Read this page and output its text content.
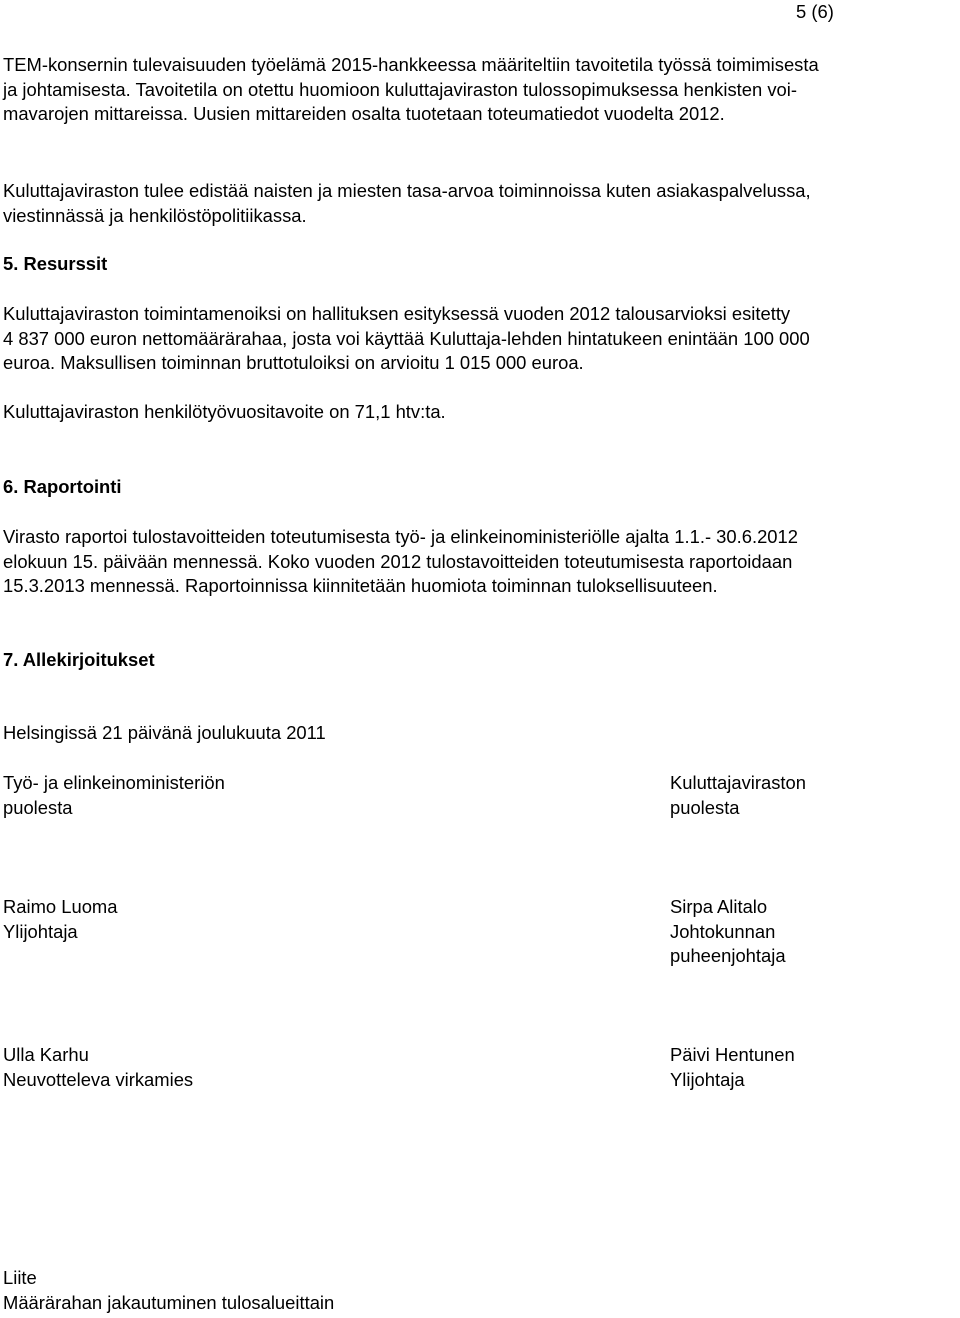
5 (6)

TEM-konsernin tulevaisuuden työelämä 2015-hankkeessa määriteltiin tavoitetila työssä toimimisesta
ja johtamisesta. Tavoitetila on otettu huomioon kuluttajaviraston tulossopimuksessa henkisten voi-
mavarojen mittareissa. Uusien mittareiden osalta tuotetaan toteumatiedot vuodelta 2012.

Kuluttajaviraston tulee edistää naisten ja miesten tasa-arvoa toiminnoissa kuten asiakaspalvelussa,
viestinnässä ja henkilöstöpolitiikassa.

5. Resurssit

Kuluttajaviraston toimintamenoiksi on hallituksen esityksessä vuoden 2012 talousarvioksi esitetty
4 837 000 euron nettomäärärahaa, josta voi käyttää Kuluttaja-lehden hintatukeen enintään 100 000
euroa. Maksullisen toiminnan bruttotuloiksi on arvioitu 1 015 000 euroa.

Kuluttajaviraston henkilötyövuositavoite on 71,1 htv:ta.

6. Raportointi

Virasto raportoi tulostavoitteiden toteutumisesta työ- ja elinkeinoministeriölle ajalta 1.1.- 30.6.2012
elokuun 15. päivään mennessä. Koko vuoden 2012 tulostavoitteiden toteutumisesta raportoidaan
15.3.2013 mennessä. Raportoinnissa kiinnitetään huomiota toiminnan tuloksellisuuteen.

7. Allekirjoitukset

Helsingissä 21 päivänä joulukuuta 2011

Työ- ja elinkeinoministeriön

puolesta

Kuluttajaviraston

puolesta

Raimo Luoma

Ylijohtaja

Sirpa Alitalo

Johtokunnan

puheenjohtaja

Ulla Karhu

Neuvotteleva virkamies

Päivi Hentunen

Ylijohtaja

Liite

Määrärahan jakautuminen tulosalueittain
